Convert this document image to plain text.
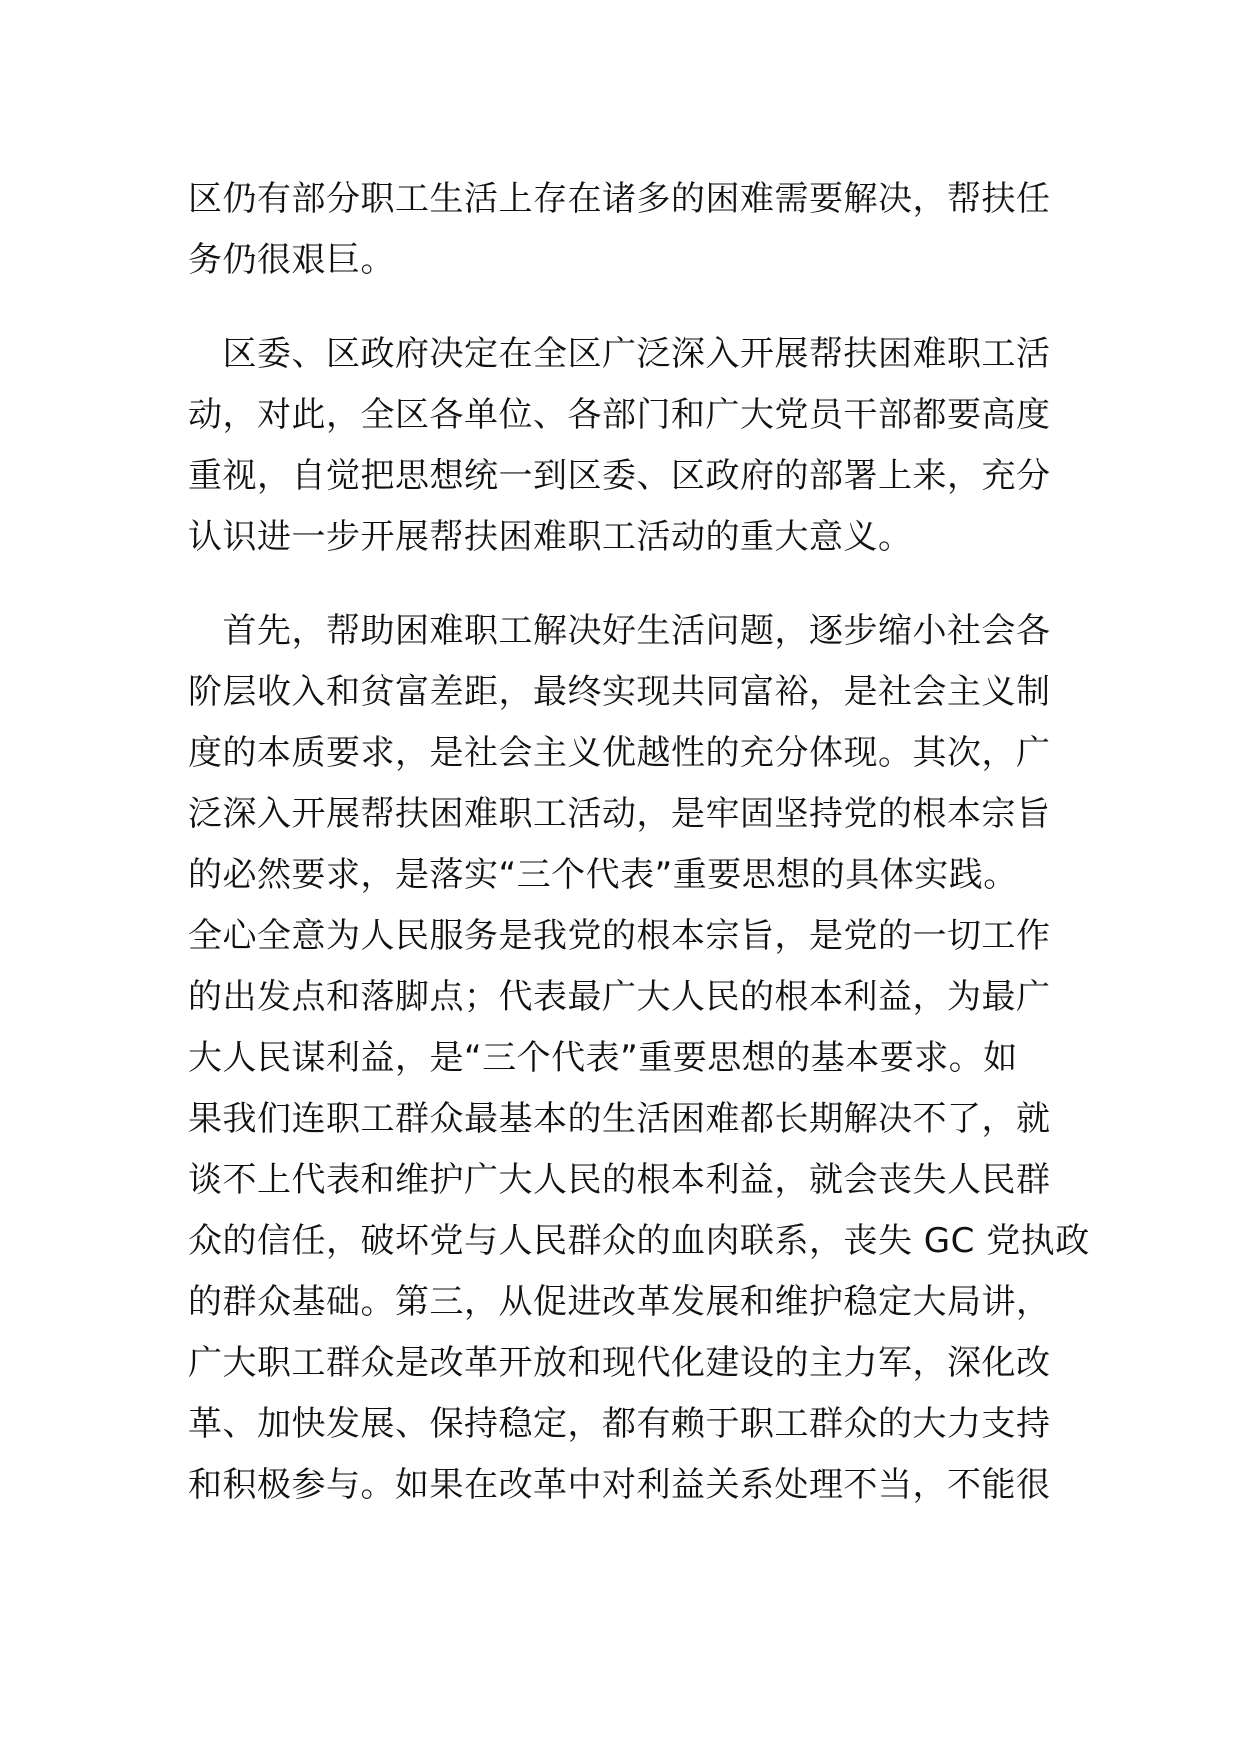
区仍有部分职工生活上存在诸多的困难需要解决，帮扶任
务仍很艰巨。

　区委、区政府决定在全区广泛深入开展帮扶困难职工活
动，对此，全区各单位、各部门和广大党员干部都要高度
重视，自觉把思想统一到区委、区政府的部署上来，充分
认识进一步开展帮扶困难职工活动的重大意义。

　首先，帮助困难职工解决好生活问题，逐步缩小社会各
阶层收入和贫富差距，最终实现共同富裕，是社会主义制
度的本质要求，是社会主义优越性的充分体现。其次，广
泛深入开展帮扶困难职工活动，是牢固坚持党的根本宗旨
的必然要求，是落实“三个代表”重要思想的具体实践。
全心全意为人民服务是我党的根本宗旨，是党的一切工作
的出发点和落脚点；代表最广大人民的根本利益，为最广
大人民谋利益，是“三个代表”重要思想的基本要求。如
果我们连职工群众最基本的生活困难都长期解决不了，就
谈不上代表和维护广大人民的根本利益，就会丧失人民群
众的信任，破坏党与人民群众的血肉联系，丧失 GC 党执政
的群众基础。第三，从促进改革发展和维护稳定大局讲，
广大职工群众是改革开放和现代化建设的主力军，深化改
革、加快发展、保持稳定，都有赖于职工群众的大力支持
和积极参与。如果在改革中对利益关系处理不当，不能很
